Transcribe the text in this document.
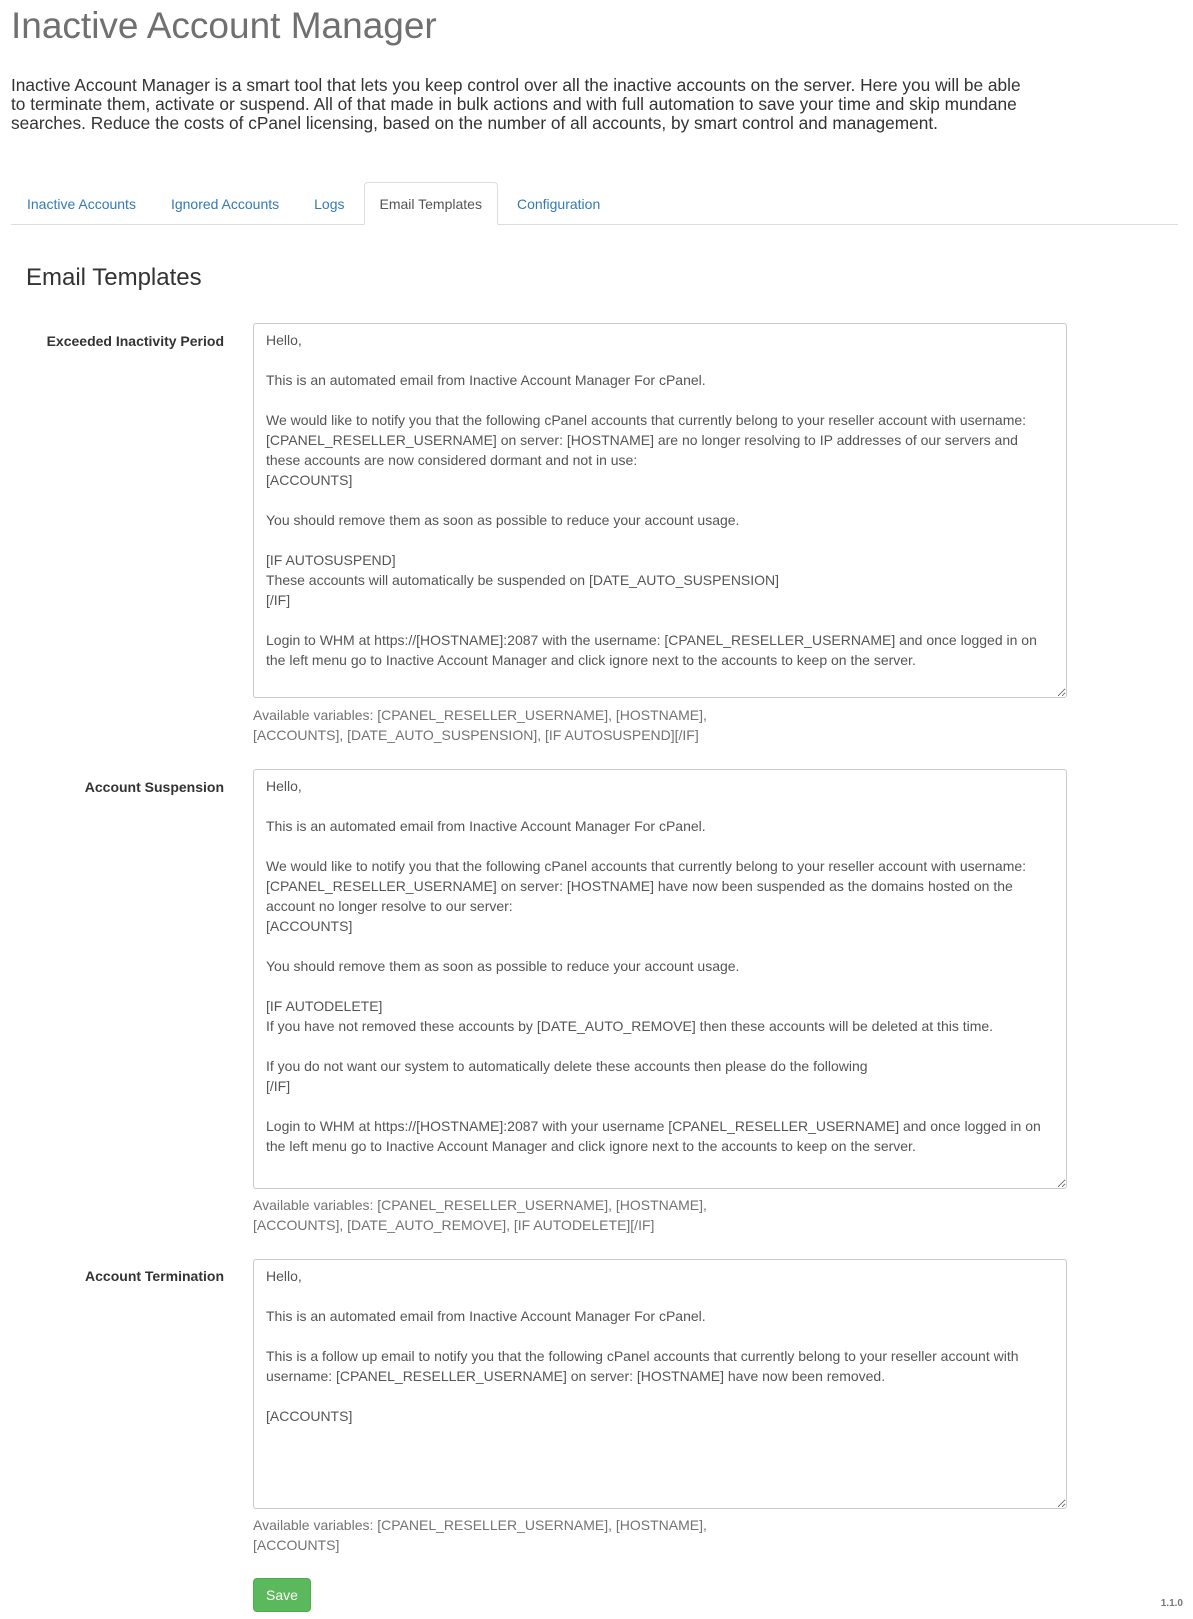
Inactive Account Manager

Inactive Account Manager is a smart tool that lets you keep control over all the inactive accounts on the server. Here you will be able to terminate them, activate or suspend. All of that made in bulk actions and with full automation to save your time and skip mundane searches. Reduce the costs of cPanel licensing, based on the number of all accounts, by smart control and management.

Inactive Accounts	Ignored Accounts	Logs	Email Templates	Configuration
Email Templates
Exceeded Inactivity Period
Hello, This is an automated email from Inactive Account Manager For cPanel. We would like to notify you that the following cPanel accounts that currently belong to your reseller account with username: [CPANEL_RESELLER_USERNAME] on server: [HOSTNAME] are no longer resolving to IP addresses of our servers and these accounts are now considered dormant and not in use: [ACCOUNTS] You should remove them as soon as possible to reduce your account usage. [IF AUTOSUSPEND] These accounts will automatically be suspended on [DATE_AUTO_SUSPENSION] [/IF] Login to WHM at https://[HOSTNAME]:2087 with the username: [CPANEL_RESELLER_USERNAME] and once logged in on the left menu go to Inactive Account Manager and click ignore next to the accounts to keep on the server.

Available variables: [CPANEL_RESELLER_USERNAME], [HOSTNAME],
[ACCOUNTS], [DATE_AUTO_SUSPENSION], [IF AUTOSUSPEND][/IF]

Account Suspension
Hello, This is an automated email from Inactive Account Manager For cPanel. We would like to notify you that the following cPanel accounts that currently belong to your reseller account with username: [CPANEL_RESELLER_USERNAME] on server: [HOSTNAME] have now been suspended as the domains hosted on the account no longer resolve to our server: [ACCOUNTS] You should remove them as soon as possible to reduce your account usage. [IF AUTODELETE] If you have not removed these accounts by [DATE_AUTO_REMOVE] then these accounts will be deleted at this time. If you do not want our system to automatically delete these accounts then please do the following [/IF] Login to WHM at https://[HOSTNAME]:2087 with your username [CPANEL_RESELLER_USERNAME] and once logged in on the left menu go to Inactive Account Manager and click ignore next to the accounts to keep on the server.

Available variables: [CPANEL_RESELLER_USERNAME], [HOSTNAME],
[ACCOUNTS], [DATE_AUTO_REMOVE], [IF AUTODELETE][/IF]

Account Termination
Hello, This is an automated email from Inactive Account Manager For cPanel. This is a follow up email to notify you that the following cPanel accounts that currently belong to your reseller account with username: [CPANEL_RESELLER_USERNAME] on server: [HOSTNAME] have now been removed. [ACCOUNTS]

Available variables: [CPANEL_RESELLER_USERNAME], [HOSTNAME],
[ACCOUNTS]

Save
1.1.0
